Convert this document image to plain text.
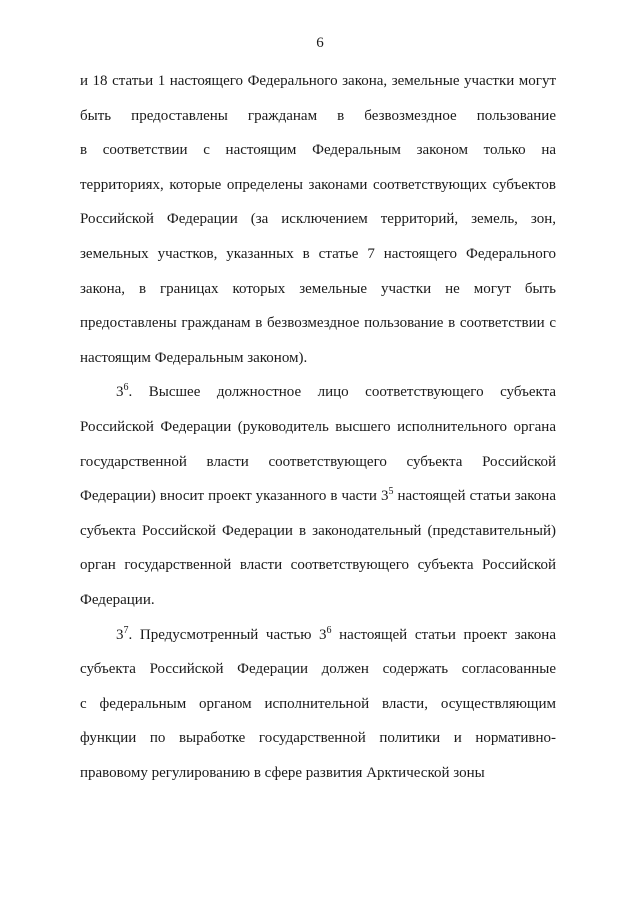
6
и 18 статьи 1 настоящего Федерального закона, земельные участки могут
быть предоставлены гражданам в безвозмездное пользование
в соответствии с настоящим Федеральным законом только на
территориях, которые определены законами соответствующих субъектов
Российской Федерации (за исключением территорий, земель, зон,
земельных участков, указанных в статье 7 настоящего Федерального
закона, в границах которых земельные участки не могут быть
предоставлены гражданам в безвозмездное пользование в соответствии с
настоящим Федеральным законом).
$3^6$. Высшее должностное лицо соответствующего субъекта
Российской Федерации (руководитель высшего исполнительного органа
государственной власти соответствующего субъекта Российской
Федерации) вносит проект указанного в части $3^5$ настоящей статьи закона
субъекта Российской Федерации в законодательный (представительный)
орган государственной власти соответствующего субъекта Российской
Федерации.
$3^7$. Предусмотренный частью $3^6$ настоящей статьи проект закона
субъекта Российской Федерации должен содержать согласованные
с федеральным органом исполнительной власти, осуществляющим
функции по выработке государственной политики и нормативно-
правовому регулированию в сфере развития Арктической зоны
